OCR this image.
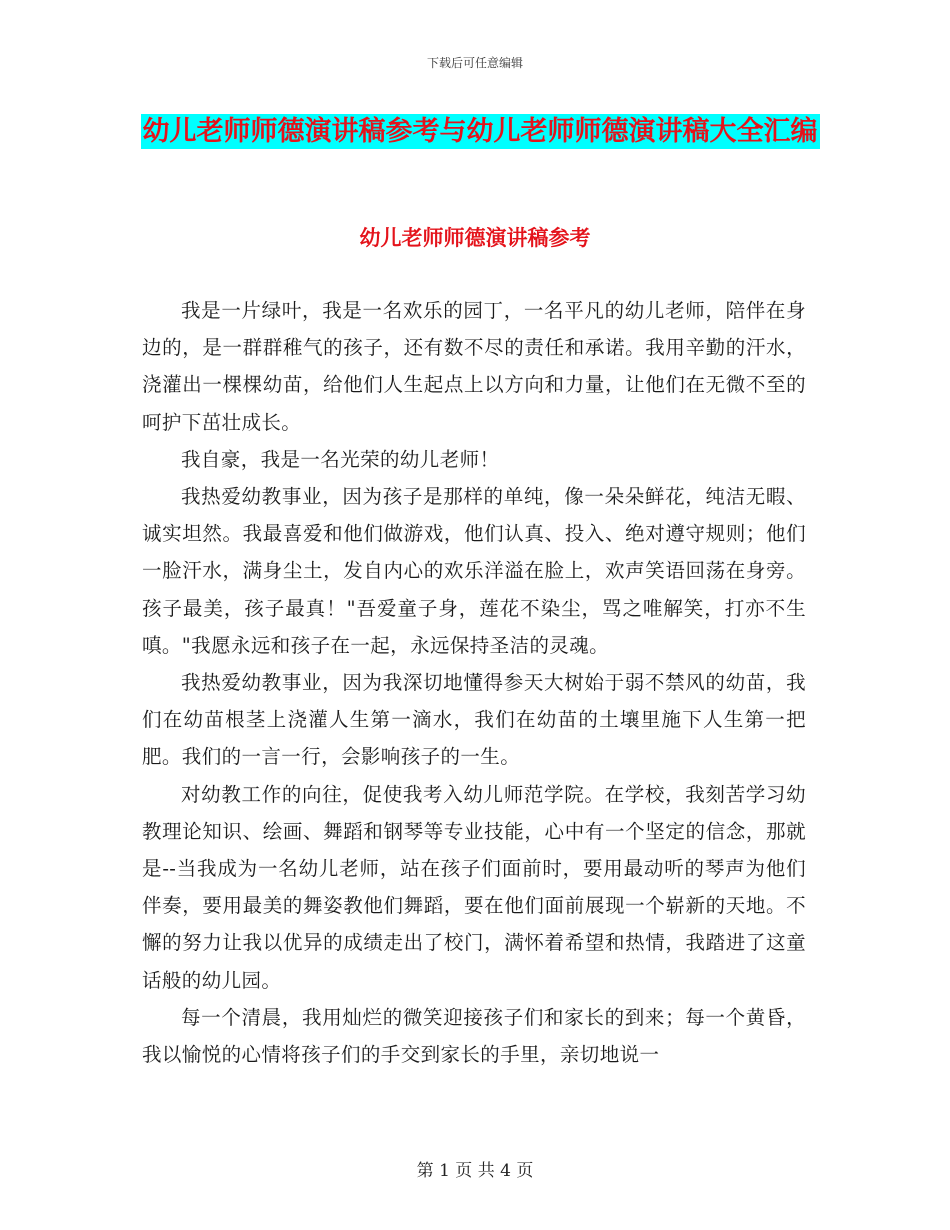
下载后可任意编辑
幼儿老师师德演讲稿参考与幼儿老师师德演讲稿大全汇编
幼儿老师师德演讲稿参考

我是一片绿叶，我是一名欢乐的园丁，一名平凡的幼儿老师，陪伴在身边的，是一群群稚气的孩子，还有数不尽的责任和承诺。我用辛勤的汗水，浇灌出一棵棵幼苗，给他们人生起点上以方向和力量，让他们在无微不至的呵护下茁壮成长。

我自豪，我是一名光荣的幼儿老师！

我热爱幼教事业，因为孩子是那样的单纯，像一朵朵鲜花，纯洁无暇、诚实坦然。我最喜爱和他们做游戏，他们认真、投入、绝对遵守规则；他们一脸汗水，满身尘土，发自内心的欢乐洋溢在脸上，欢声笑语回荡在身旁。孩子最美，孩子最真！"吾爱童子身，莲花不染尘，骂之唯解笑，打亦不生嗔。"我愿永远和孩子在一起，永远保持圣洁的灵魂。

我热爱幼教事业，因为我深切地懂得参天大树始于弱不禁风的幼苗，我们在幼苗根茎上浇灌人生第一滴水，我们在幼苗的土壤里施下人生第一把肥。我们的一言一行，会影响孩子的一生。

对幼教工作的向往，促使我考入幼儿师范学院。在学校，我刻苦学习幼教理论知识、绘画、舞蹈和钢琴等专业技能，心中有一个坚定的信念，那就是--当我成为一名幼儿老师，站在孩子们面前时，要用最动听的琴声为他们伴奏，要用最美的舞姿教他们舞蹈，要在他们面前展现一个崭新的天地。不懈的努力让我以优异的成绩走出了校门，满怀着希望和热情，我踏进了这童话般的幼儿园。

每一个清晨，我用灿烂的微笑迎接孩子们和家长的到来；每一个黄昏，我以愉悦的心情将孩子们的手交到家长的手里，亲切地说一

第 1 页 共 4 页
